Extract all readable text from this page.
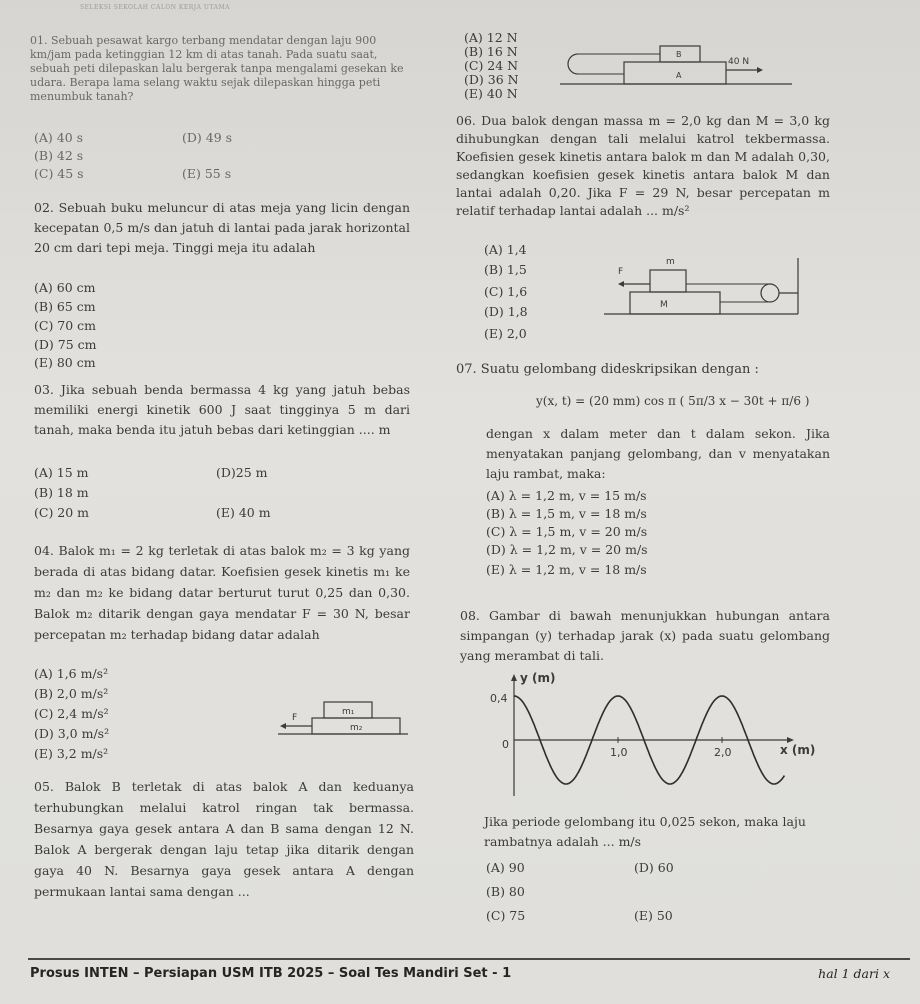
SELEKSI SEKOLAH CALON KERJA UTAMA
01. Sebuah pesawat kargo terbang mendatar dengan laju 900 km/jam pada ketinggian 12 km di atas tanah. Pada suatu saat, sebuah peti dilepaskan lalu bergerak tanpa mengalami gesekan ke udara. Berapa lama selang waktu sejak dilepaskan hingga peti menumbuk tanah?
(A) 40 s
(B) 42 s
(C) 45 s
(D) 49 s
(E) 55 s
02. Sebuah buku meluncur di atas meja yang licin dengan kecepatan 0,5 m/s dan jatuh di lantai pada jarak horizontal 20 cm dari tepi meja. Tinggi meja itu adalah
(A) 60 cm
(B) 65 cm
(C) 70 cm
(D) 75 cm
(E) 80 cm
03. Jika sebuah benda bermassa 4 kg yang jatuh bebas memiliki energi kinetik 600 J saat tingginya 5 m dari tanah, maka benda itu jatuh bebas dari ketinggian .... m
(A) 15 m
(B) 18 m
(C) 20 m
(D)25 m
(E) 40 m
04. Balok m₁ = 2 kg terletak di atas balok m₂ = 3 kg yang berada di atas bidang datar. Koefisien gesek kinetis m₁ ke m₂ dan m₂ ke bidang datar berturut turut 0,25 dan 0,30. Balok m₂ ditarik dengan gaya mendatar F = 30 N, besar percepatan m₂ terhadap bidang datar adalah
(A) 1,6 m/s²
(B) 2,0 m/s²
(C) 2,4 m/s²
(D) 3,0 m/s²
(E) 3,2 m/s²
m₁
m₂
F
05. Balok B terletak di atas balok A dan keduanya terhubungkan melalui katrol ringan tak bermassa. Besarnya gaya gesek antara A dan B sama dengan 12 N. Balok A bergerak dengan laju tetap jika ditarik dengan gaya 40 N. Besarnya gaya gesek antara A dengan permukaan lantai sama dengan ...
(A) 12 N
(B) 16 N
(C) 24 N
(D) 36 N
(E) 40 N
B
A
40 N
06. Dua balok dengan massa m = 2,0 kg dan M = 3,0 kg dihubungkan dengan tali melalui katrol tekbermassa. Koefisien gesek kinetis antara balok m dan M adalah 0,30, sedangkan koefisien gesek kinetis antara balok M dan lantai adalah 0,20. Jika F = 29 N, besar percepatan m relatif terhadap lantai adalah ... m/s²
(A) 1,4
(B) 1,5
(C) 1,6
(D) 1,8
(E) 2,0
m
M
F
07. Suatu gelombang dideskripsikan dengan :
y(x, t) = (20 mm) cos π ( 5π/3 x − 30t + π/6 )
dengan x dalam meter dan t dalam sekon. Jika menyatakan panjang gelombang, dan v menyatakan laju rambat, maka:
(A) λ = 1,2 m, v = 15 m/s
(B) λ = 1,5 m, v = 18 m/s
(C) λ = 1,5 m, v = 20 m/s
(D) λ = 1,2 m, v = 20 m/s
(E) λ = 1,2 m, v = 18 m/s
08. Gambar di bawah menunjukkan hubungan antara simpangan (y) terhadap jarak (x) pada suatu gelombang yang merambat di tali.
y (m)
0,4
0	x (m)
1,0	2,0
Jika periode gelombang itu 0,025 sekon, maka laju rambatnya adalah ... m/s
(A) 90
(B) 80
(C) 75
(D) 60
(E) 50
Prosus INTEN – Persiapan USM ITB 2025 – Soal Tes Mandiri Set - 1	hal 1 dari x
